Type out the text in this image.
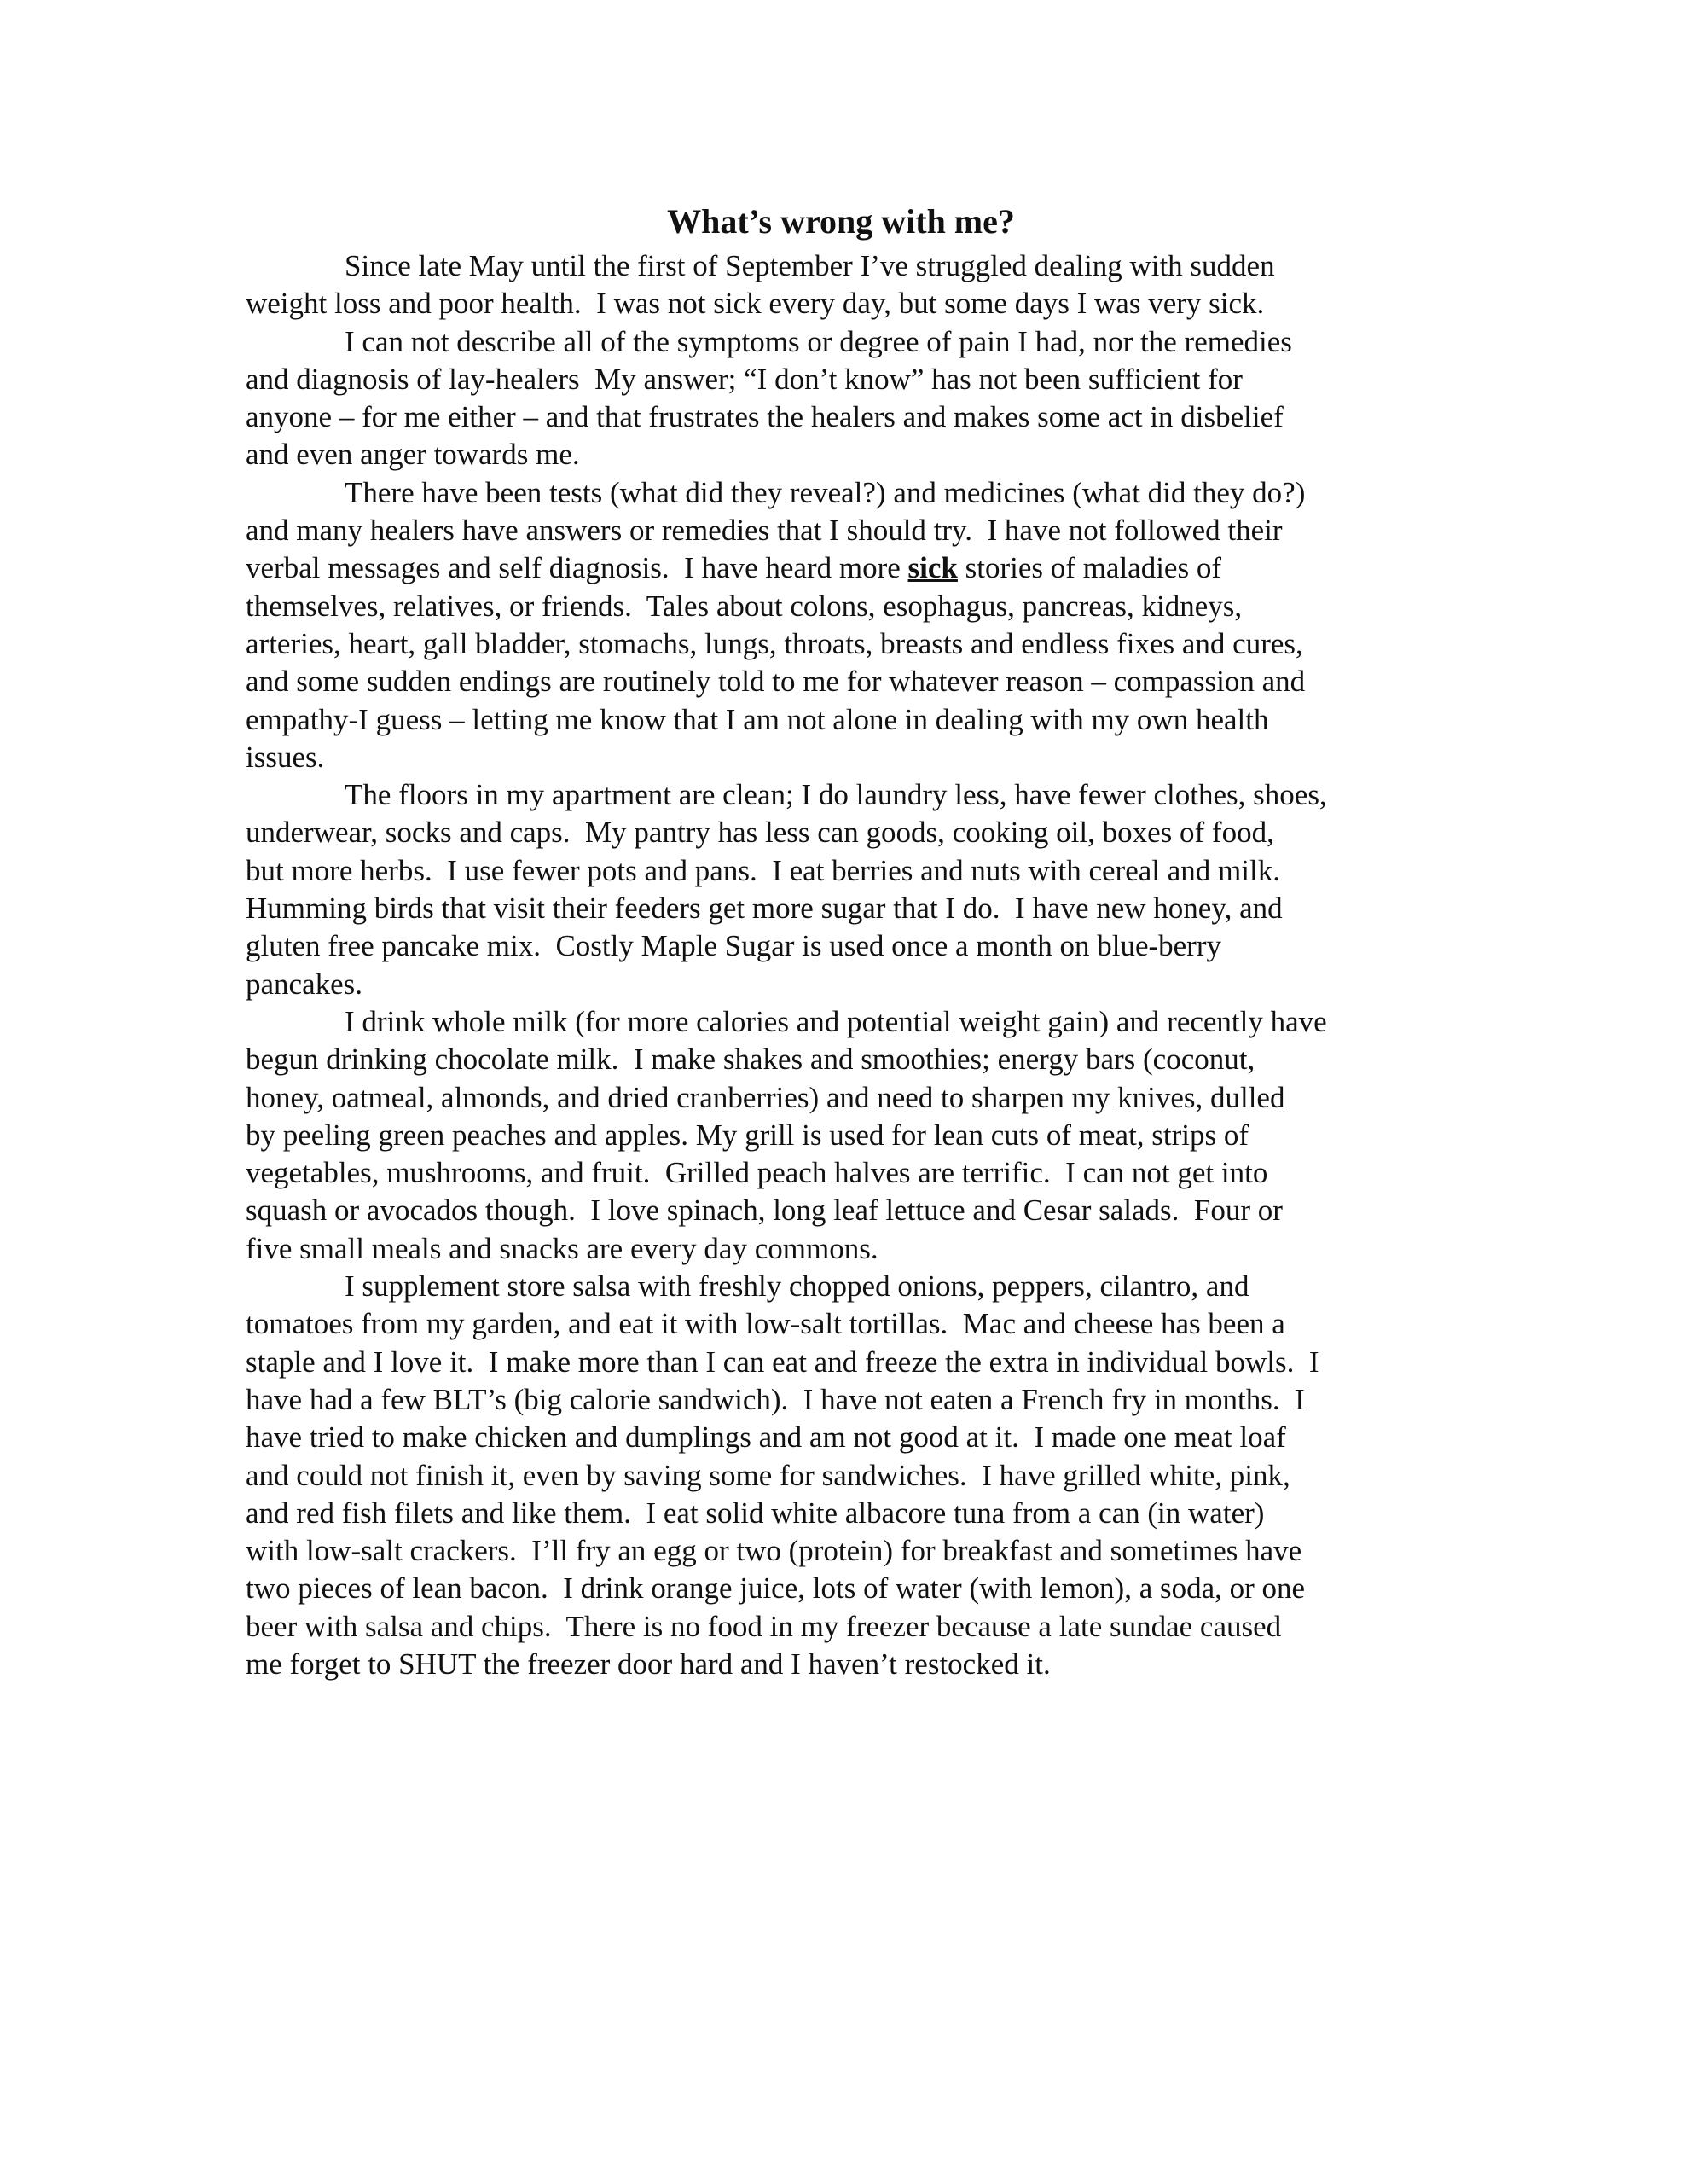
What’s wrong with me?
Since late May until the first of September I’ve struggled dealing with sudden
weight loss and poor health.  I was not sick every day, but some days I was very sick.
I can not describe all of the symptoms or degree of pain I had, nor the remedies
and diagnosis of lay-healers  My answer; “I don’t know” has not been sufficient for
anyone – for me either – and that frustrates the healers and makes some act in disbelief
and even anger towards me.
There have been tests (what did they reveal?) and medicines (what did they do?)
and many healers have answers or remedies that I should try.  I have not followed their
verbal messages and self diagnosis.  I have heard more sick stories of maladies of
themselves, relatives, or friends.  Tales about colons, esophagus, pancreas, kidneys,
arteries, heart, gall bladder, stomachs, lungs, throats, breasts and endless fixes and cures,
and some sudden endings are routinely told to me for whatever reason – compassion and
empathy-I guess – letting me know that I am not alone in dealing with my own health
issues.
The floors in my apartment are clean; I do laundry less, have fewer clothes, shoes,
underwear, socks and caps.  My pantry has less can goods, cooking oil, boxes of food,
but more herbs.  I use fewer pots and pans.  I eat berries and nuts with cereal and milk.
Humming birds that visit their feeders get more sugar that I do.  I have new honey, and
gluten free pancake mix.  Costly Maple Sugar is used once a month on blue-berry
pancakes.
I drink whole milk (for more calories and potential weight gain) and recently have
begun drinking chocolate milk.  I make shakes and smoothies; energy bars (coconut,
honey, oatmeal, almonds, and dried cranberries) and need to sharpen my knives, dulled
by peeling green peaches and apples. My grill is used for lean cuts of meat, strips of
vegetables, mushrooms, and fruit.  Grilled peach halves are terrific.  I can not get into
squash or avocados though.  I love spinach, long leaf lettuce and Cesar salads.  Four or
five small meals and snacks are every day commons.
I supplement store salsa with freshly chopped onions, peppers, cilantro, and
tomatoes from my garden, and eat it with low-salt tortillas.  Mac and cheese has been a
staple and I love it.  I make more than I can eat and freeze the extra in individual bowls.  I
have had a few BLT’s (big calorie sandwich).  I have not eaten a French fry in months.  I
have tried to make chicken and dumplings and am not good at it.  I made one meat loaf
and could not finish it, even by saving some for sandwiches.  I have grilled white, pink,
and red fish filets and like them.  I eat solid white albacore tuna from a can (in water)
with low-salt crackers.  I’ll fry an egg or two (protein) for breakfast and sometimes have
two pieces of lean bacon.  I drink orange juice, lots of water (with lemon), a soda, or one
beer with salsa and chips.  There is no food in my freezer because a late sundae caused
me forget to SHUT the freezer door hard and I haven’t restocked it.
